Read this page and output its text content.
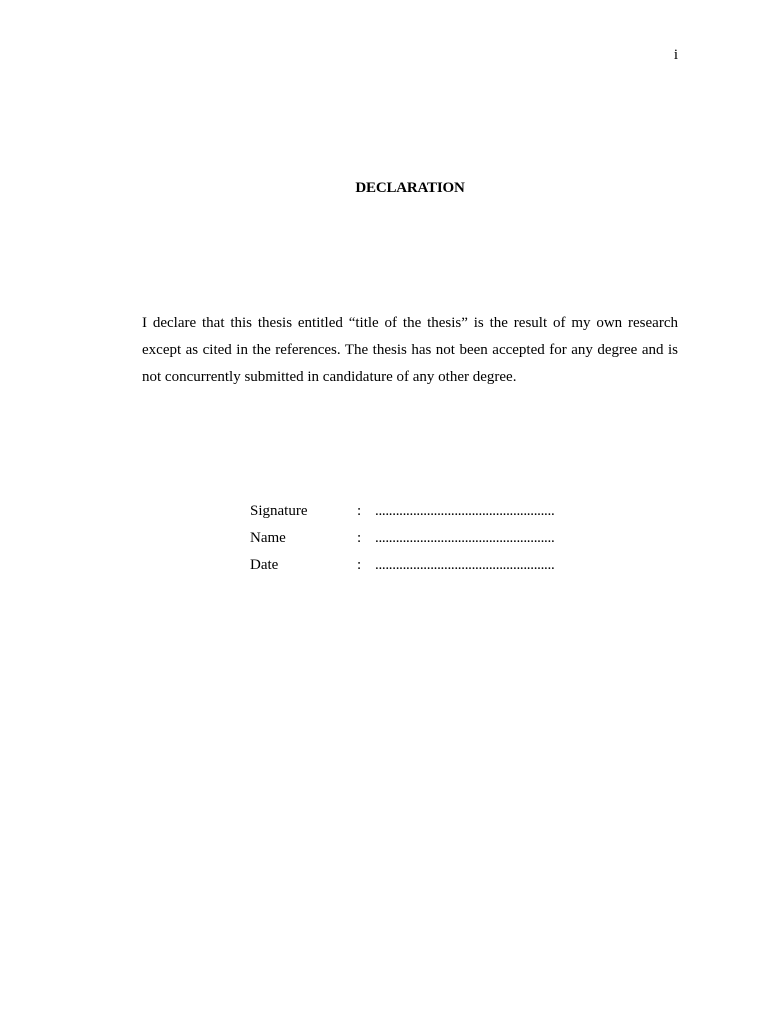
i
DECLARATION

I declare that this thesis entitled “title of the thesis” is the result of my own research except as cited in the references. The thesis has not been accepted for any degree and is not concurrently submitted in candidature of any other degree.

Signature	: ....................................................
Name	: ....................................................
Date	: ....................................................
